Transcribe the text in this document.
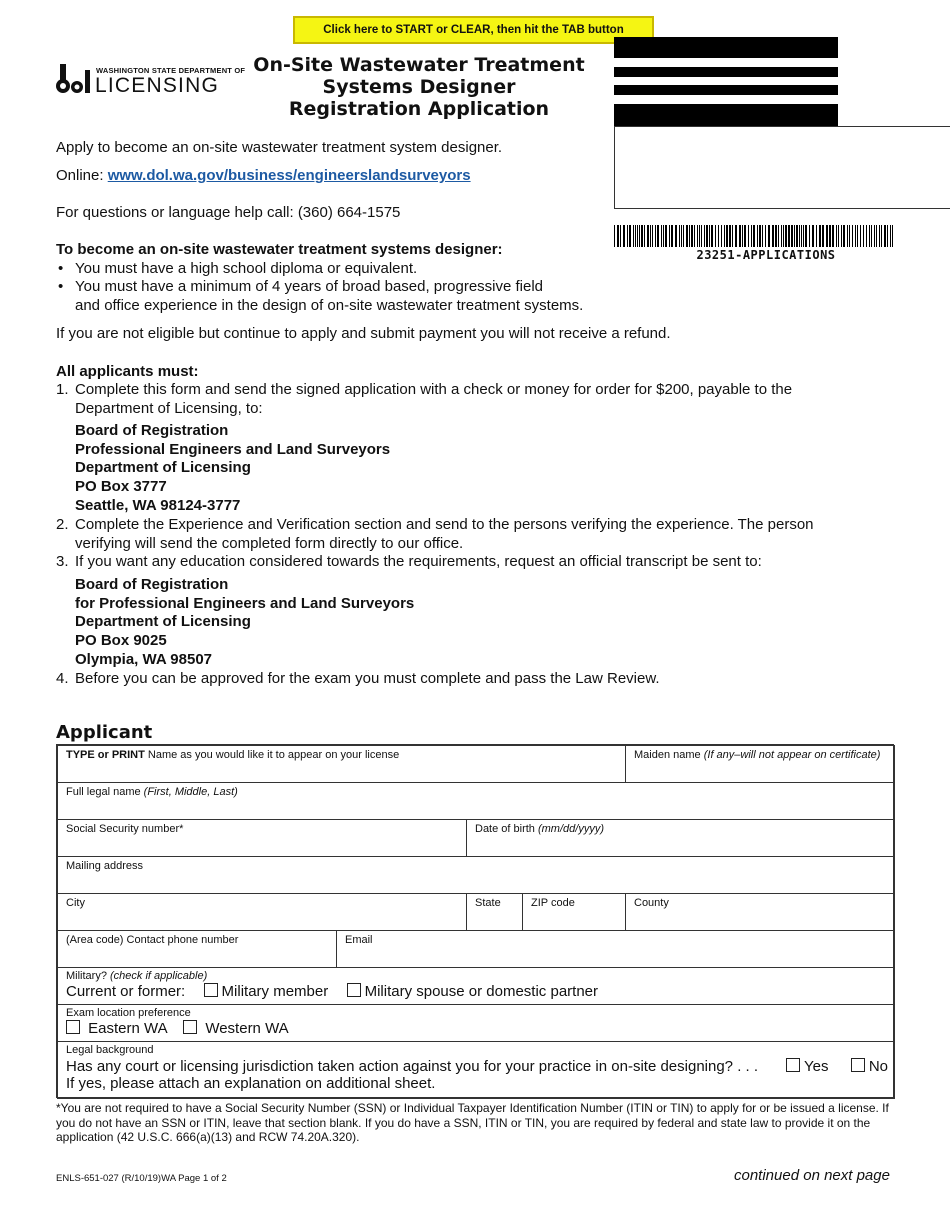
Click here to START or CLEAR, then hit the TAB button
WASHINGTON STATE DEPARTMENT OF
LICENSING
On-Site Wastewater Treatment
Systems Designer
Registration Application
23251-APPLICATIONS
Apply to become an on-site wastewater treatment system designer.
Online: www.dol.wa.gov/business/engineerslandsurveyors
For questions or language help call: (360) 664-1575
To become an on-site wastewater treatment systems designer:
• You must have a high school diploma or equivalent.
• You must have a minimum of 4 years of broad based, progressive field
and office experience in the design of on-site wastewater treatment systems.
If you are not eligible but continue to apply and submit payment you will not receive a refund.
All applicants must:
1. Complete this form and send the signed application with a check or money for order for $200, payable to the
Department of Licensing, to:
Board of Registration
Professional Engineers and Land Surveyors
Department of Licensing
PO Box 3777
Seattle, WA 98124-3777
2. Complete the Experience and Verification section and send to the persons verifying the experience. The person
verifying will send the completed form directly to our office.
3. If you want any education considered towards the requirements, request an official transcript be sent to:
Board of Registration
for Professional Engineers and Land Surveyors
Department of Licensing
PO Box 9025
Olympia, WA 98507
4. Before you can be approved for the exam you must complete and pass the Law Review.
Applicant
TYPE or PRINT Name as you would like it to appear on your license	Maiden name (If any–will not appear on certificate)
Full legal name (First, Middle, Last)
Social Security number*	Date of birth (mm/dd/yyyy)
Mailing address
City	State	ZIP code	County
(Area code) Contact phone number	Email
Military? (check if applicable)
Current or former: Military member Military spouse or domestic partner
Exam location preference
Eastern WA	Western WA
Legal background
Has any court or licensing jurisdiction taken action against you for your practice in on-site designing? . . .	Yes	No
If yes, please attach an explanation on additional sheet.
*You are not required to have a Social Security Number (SSN) or Individual Taxpayer Identification Number (ITIN or TIN) to apply for or be issued a license. If you do not have an SSN or ITIN, leave that section blank. If you do have a SSN, ITIN or TIN, you are required by federal and state law to provide it on the application (42 U.S.C. 666(a)(13) and RCW 74.20A.320).
ENLS-651-027 (R/10/19)WA Page 1 of 2	continued on next page
